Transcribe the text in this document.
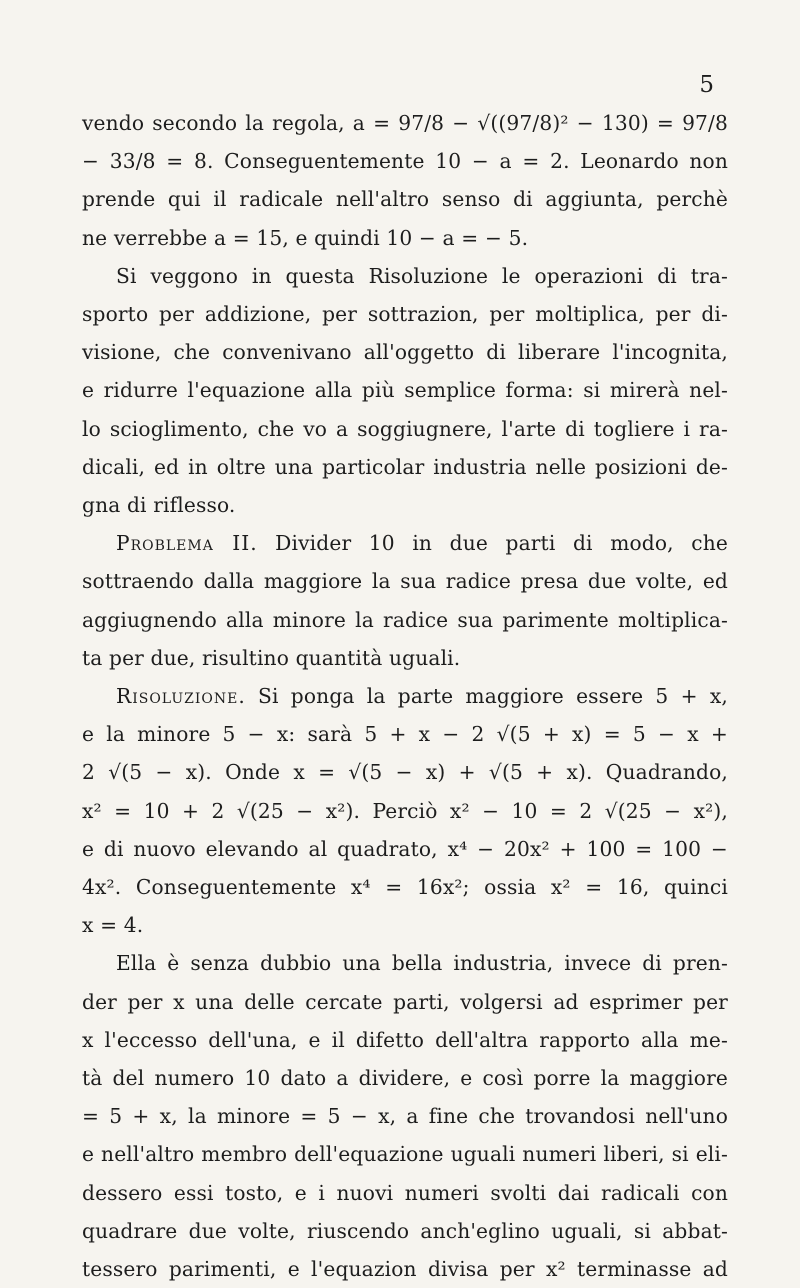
5

vendo secondo la regola, a = 97/8 − √((97/8)² − 130) = 97/8
− 33/8 = 8. Conseguentemente 10 − a = 2. Leonardo non
prende qui il radicale nell'altro senso di aggiunta, perchè
ne verrebbe a = 15, e quindi 10 − a = − 5.

Si veggono in questa Risoluzione le operazioni di tra-
sporto per addizione, per sottrazion, per moltiplica, per di-
visione, che convenivano all'oggetto di liberare l'incognita,
e ridurre l'equazione alla più semplice forma: si mirerà nel-
lo scioglimento, che vo a soggiugnere, l'arte di togliere i ra-
dicali, ed in oltre una particolar industria nelle posizioni de-
gna di riflesso.

Problema II. Divider 10 in due parti di modo, che
sottraendo dalla maggiore la sua radice presa due volte, ed
aggiugnendo alla minore la radice sua parimente moltiplica-
ta per due, risultino quantità uguali.

Risoluzione. Si ponga la parte maggiore essere 5 + x,
e la minore 5 − x: sarà 5 + x − 2 √(5 + x) = 5 − x +
2 √(5 − x). Onde x = √(5 − x) + √(5 + x). Quadrando,
x² = 10 + 2 √(25 − x²). Perciò x² − 10 = 2 √(25 − x²),
e di nuovo elevando al quadrato, x⁴ − 20x² + 100 = 100 −
4x². Conseguentemente x⁴ = 16x²; ossia x² = 16, quinci
x = 4.

Ella è senza dubbio una bella industria, invece di pren-
der per x una delle cercate parti, volgersi ad esprimer per
x l'eccesso dell'una, e il difetto dell'altra rapporto alla me-
tà del numero 10 dato a dividere, e così porre la maggiore
= 5 + x, la minore = 5 − x, a fine che trovandosi nell'uno
e nell'altro membro dell'equazione uguali numeri liberi, si eli-
dessero essi tosto, e i nuovi numeri svolti dai radicali con
quadrare due volte, riuscendo anch'eglino uguali, si abbat-
tessero parimenti, e l'equazion divisa per x² terminasse ad
